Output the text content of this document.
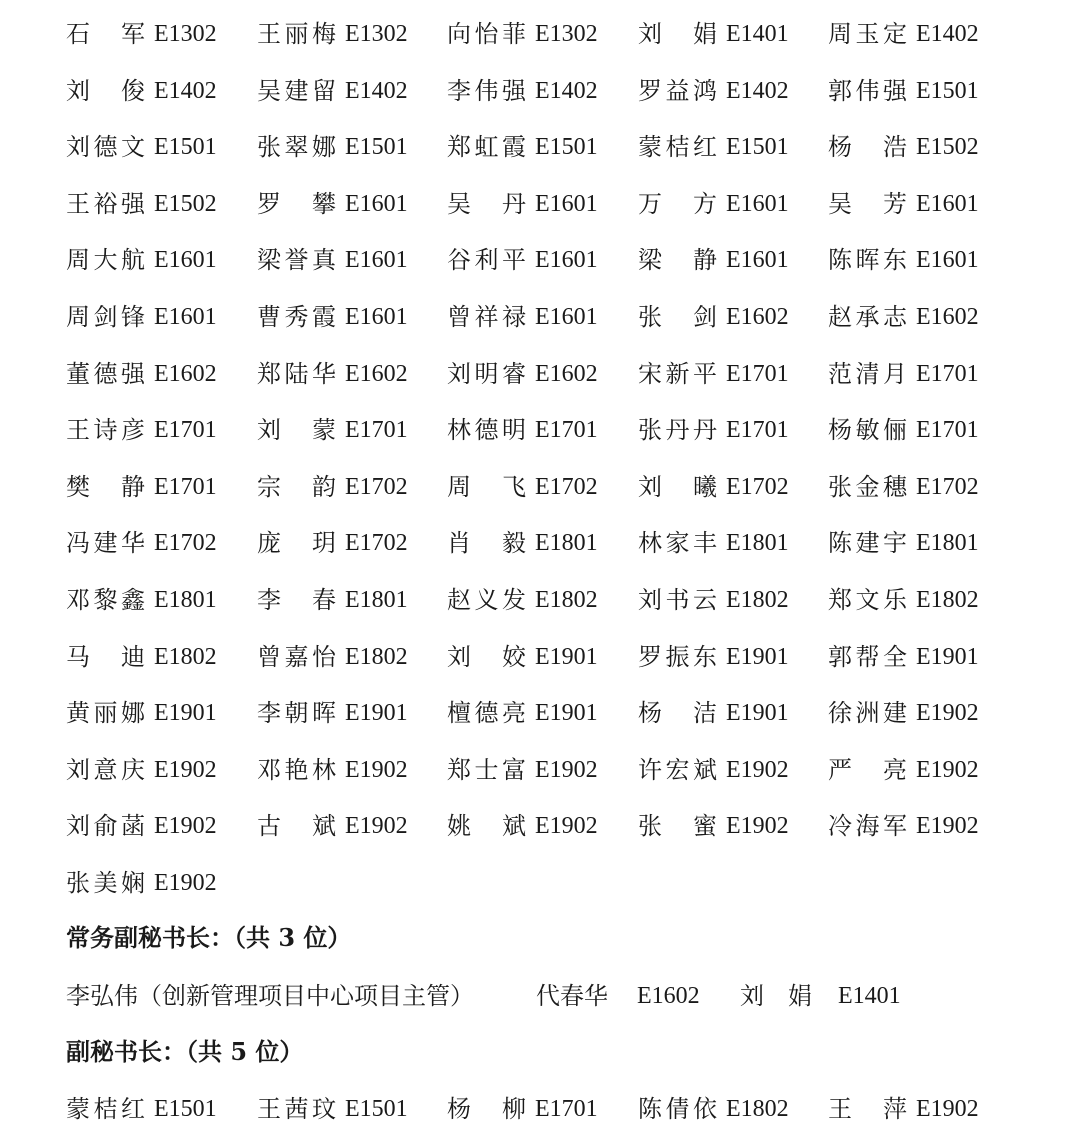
石　军 E1302 王丽梅 E1302 向怡菲 E1302 刘　娟 E1401 周玉定 E1402
刘　俊 E1402 吴建留 E1402 李伟强 E1402 罗益鸿 E1402 郭伟强 E1501
刘德文 E1501 张翠娜 E1501 郑虹霞 E1501 蒙桔红 E1501 杨　浩 E1502
王裕强 E1502 罗　攀 E1601 吴　丹 E1601 万　方 E1601 吴　芳 E1601
周大航 E1601 梁誉真 E1601 谷利平 E1601 梁　静 E1601 陈晖东 E1601
周剑锋 E1601 曹秀霞 E1601 曾祥禄 E1601 张　剑 E1602 赵承志 E1602
董德强 E1602 郑陆华 E1602 刘明睿 E1602 宋新平 E1701 范清月 E1701
王诗彦 E1701 刘　蒙 E1701 林德明 E1701 张丹丹 E1701 杨敏俪 E1701
樊　静 E1701 宗　韵 E1702 周　飞 E1702 刘　曦 E1702 张金穗 E1702
冯建华 E1702 庞　玥 E1702 肖　毅 E1801 林家丰 E1801 陈建宇 E1801
邓黎鑫 E1801 李　春 E1801 赵义发 E1802 刘书云 E1802 郑文乐 E1802
马　迪 E1802 曾嘉怡 E1802 刘　姣 E1901 罗振东 E1901 郭帮全 E1901
黄丽娜 E1901 李朝晖 E1901 檀德亮 E1901 杨　洁 E1901 徐洲建 E1902
刘意庆 E1902 邓艳林 E1902 郑士富 E1902 许宏斌 E1902 严　亮 E1902
刘俞菡 E1902 古　斌 E1902 姚　斌 E1902 张　蜜 E1902 冷海军 E1902
张美娴 E1902
常务副秘书长：（共 3 位）
李弘伟（创新管理项目中心项目主管）	代春华 E1602 刘　娟 E1401
副秘书长：（共 5 位）
蒙桔红 E1501 王茜玟 E1501 杨　柳 E1701 陈倩依 E1802 王　萍 E1902
